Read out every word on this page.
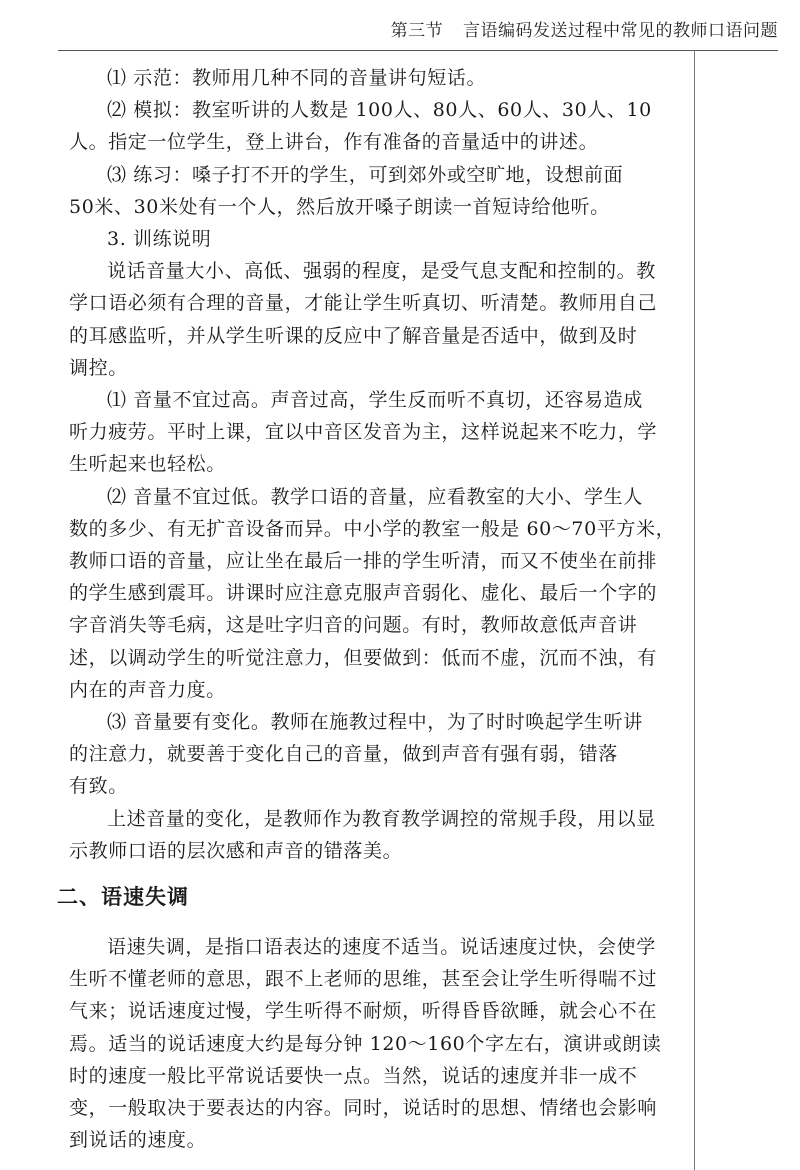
第三节 言语编码发送过程中常见的教师口语问题
⑴ 示范：教师用几种不同的音量讲句短话。
⑵ 模拟：教室听讲的人数是 100人、80人、60人、30人、10
人。指定一位学生，登上讲台，作有准备的音量适中的讲述。
⑶ 练习：嗓子打不开的学生，可到郊外或空旷地，设想前面
50米、30米处有一个人，然后放开嗓子朗读一首短诗给他听。
3. 训练说明
说话音量大小、高低、强弱的程度，是受气息支配和控制的。教
学口语必须有合理的音量，才能让学生听真切、听清楚。教师用自己
的耳感监听，并从学生听课的反应中了解音量是否适中，做到及时
调控。
⑴ 音量不宜过高。声音过高，学生反而听不真切，还容易造成
听力疲劳。平时上课，宜以中音区发音为主，这样说起来不吃力，学
生听起来也轻松。
⑵ 音量不宜过低。教学口语的音量，应看教室的大小、学生人
数的多少、有无扩音设备而异。中小学的教室一般是 60～70平方米，
教师口语的音量，应让坐在最后一排的学生听清，而又不使坐在前排
的学生感到震耳。讲课时应注意克服声音弱化、虚化、最后一个字的
字音消失等毛病，这是吐字归音的问题。有时，教师故意低声音讲
述，以调动学生的听觉注意力，但要做到：低而不虚，沉而不浊，有
内在的声音力度。
⑶ 音量要有变化。教师在施教过程中，为了时时唤起学生听讲
的注意力，就要善于变化自己的音量，做到声音有强有弱，错落
有致。
上述音量的变化，是教师作为教育教学调控的常规手段，用以显
示教师口语的层次感和声音的错落美。
二、语速失调
语速失调，是指口语表达的速度不适当。说话速度过快，会使学
生听不懂老师的意思，跟不上老师的思维，甚至会让学生听得喘不过
气来；说话速度过慢，学生听得不耐烦，听得昏昏欲睡，就会心不在
焉。适当的说话速度大约是每分钟 120～160个字左右，演讲或朗读
时的速度一般比平常说话要快一点。当然，说话的速度并非一成不
变，一般取决于要表达的内容。同时，说话时的思想、情绪也会影响
到说话的速度。
